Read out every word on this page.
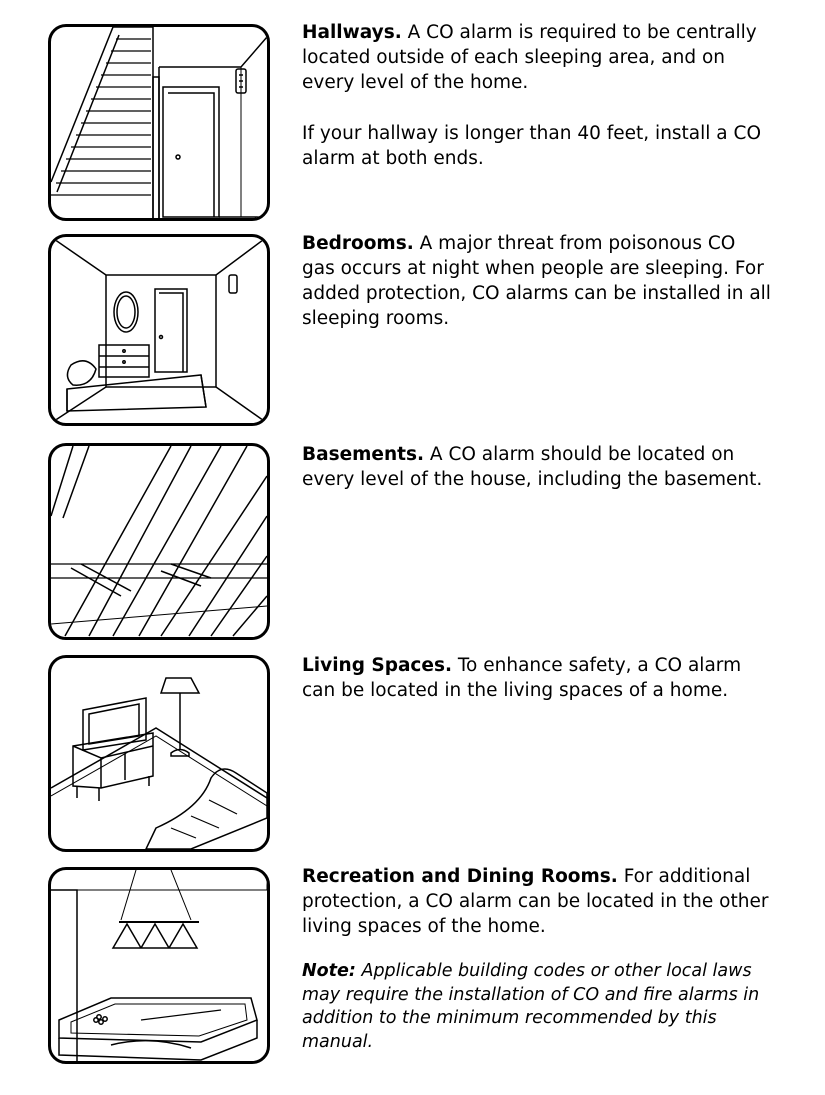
Hallways. A CO alarm is required to be centrally located outside of each sleeping area, and on every level of the home.

If your hallway is longer than 40 feet, install a CO alarm at both ends.

Bedrooms. A major threat from poisonous CO gas occurs at night when people are sleeping. For added protection, CO alarms can be installed in all sleeping rooms.

Basements. A CO alarm should be located on every level of the house, including the basement.

Living Spaces. To enhance safety, a CO alarm can be located in the living spaces of a home.

Recreation and Dining Rooms. For additional protection, a CO alarm can be located in the other living spaces of the home.

Note: Applicable building codes or other local laws may require the installation of CO and fire alarms in addition to the minimum recommended by this manual.
